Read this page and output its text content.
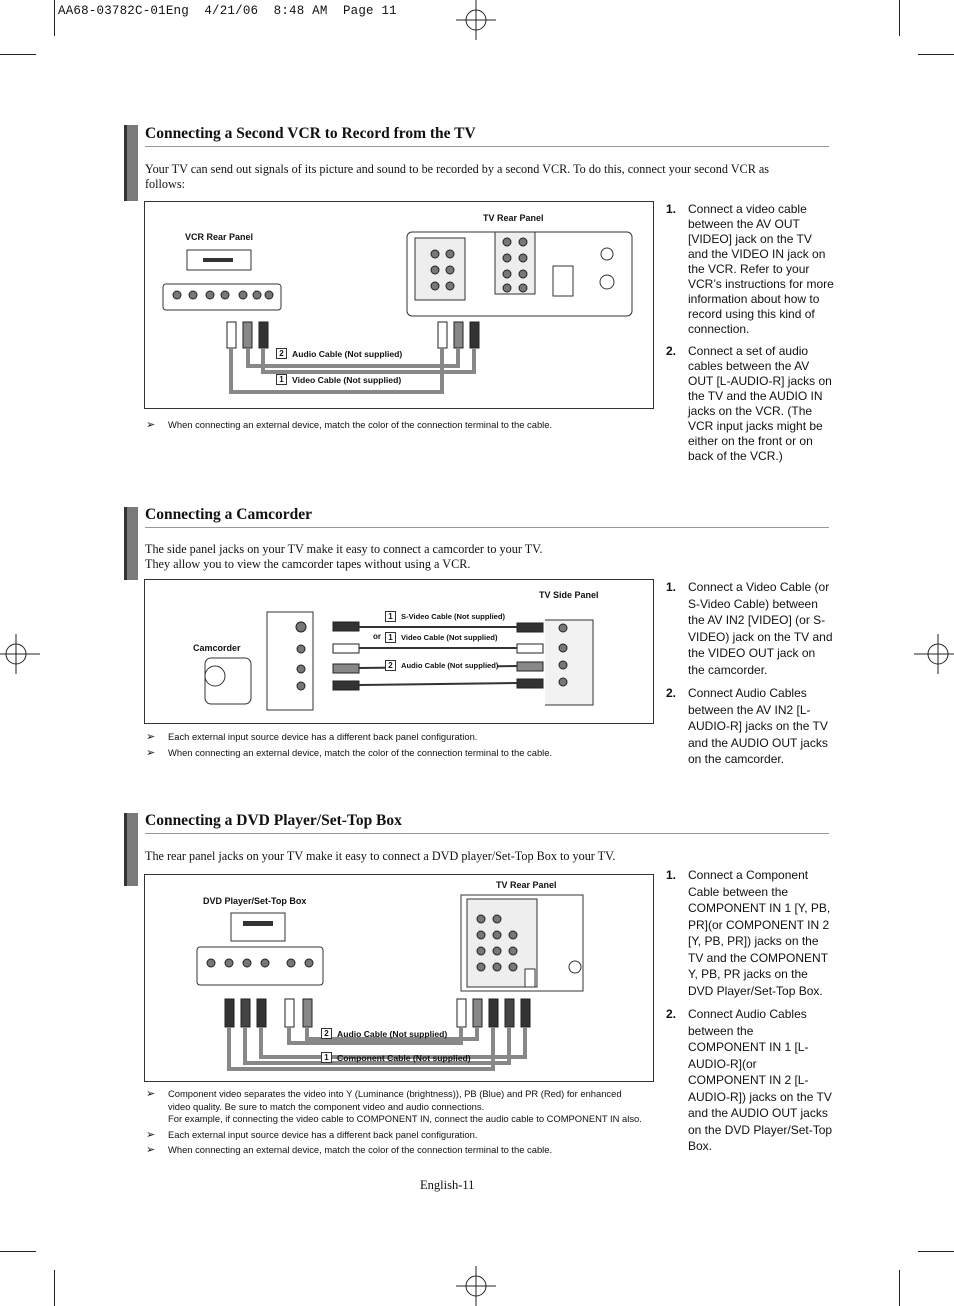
AA68-03782C-01Eng  4/21/06  8:48 AM  Page 11
Connecting a Second VCR to Record from the TV
Your TV can send out signals of its picture and sound to be recorded by a second VCR. To do this, connect your second VCR as follows:
VCR Rear Panel
TV Rear Panel
2 Audio Cable (Not supplied)
1 Video Cable (Not supplied)
1. Connect a video cable between the AV OUT [VIDEO] jack on the TV and the VIDEO IN jack on the VCR. Refer to your VCR’s instructions for more information about how to record using this kind of connection.
2. Connect a set of audio cables between the AV OUT [L-AUDIO-R] jacks on the TV and the AUDIO IN jacks on the VCR. (The VCR input jacks might be either on the front or on back of the VCR.)
➢	When connecting an external device, match the color of the connection terminal to the cable.
Connecting a Camcorder
The side panel jacks on your TV make it easy to connect a camcorder to your TV.
They allow you to view the camcorder tapes without using a VCR.
Camcorder
TV Side Panel
or
1	S-Video Cable (Not supplied)
1	Video Cable (Not supplied)
2	Audio Cable (Not supplied)
1. Connect a Video Cable (or S-Video Cable) between the AV IN2 [VIDEO] (or S-VIDEO) jack on the TV and the VIDEO OUT jack on the camcorder.
2. Connect Audio Cables between the AV IN2 [L-AUDIO-R] jacks on the TV and the AUDIO OUT jacks on the camcorder.
➢	Each external input source device has a different back panel configuration.
➢	When connecting an external device, match the color of the connection terminal to the cable.
Connecting a DVD Player/Set-Top Box
The rear panel jacks on your TV make it easy to connect a DVD player/Set-Top Box to your TV.
DVD Player/Set-Top Box
TV Rear Panel
2 Audio Cable (Not supplied)
1 Component Cable (Not supplied)
1. Connect a Component Cable between the COMPONENT IN 1 [Y, PB, PR](or COMPONENT IN 2 [Y, PB, PR]) jacks on the TV and the COMPONENT Y, PB, PR jacks on the DVD Player/Set-Top Box.
2. Connect Audio Cables between the COMPONENT IN 1 [L-AUDIO-R](or COMPONENT IN 2 [L-AUDIO-R]) jacks on the TV and the AUDIO OUT jacks on the DVD Player/Set-Top Box.
➢	Component video separates the video into Y (Luminance (brightness)), PB (Blue) and PR (Red) for enhanced video quality. Be sure to match the component video and audio connections.
For example, if connecting the video cable to COMPONENT IN, connect the audio cable to COMPONENT IN also.
➢	Each external input source device has a different back panel configuration.
➢	When connecting an external device, match the color of the connection terminal to the cable.
English-11
